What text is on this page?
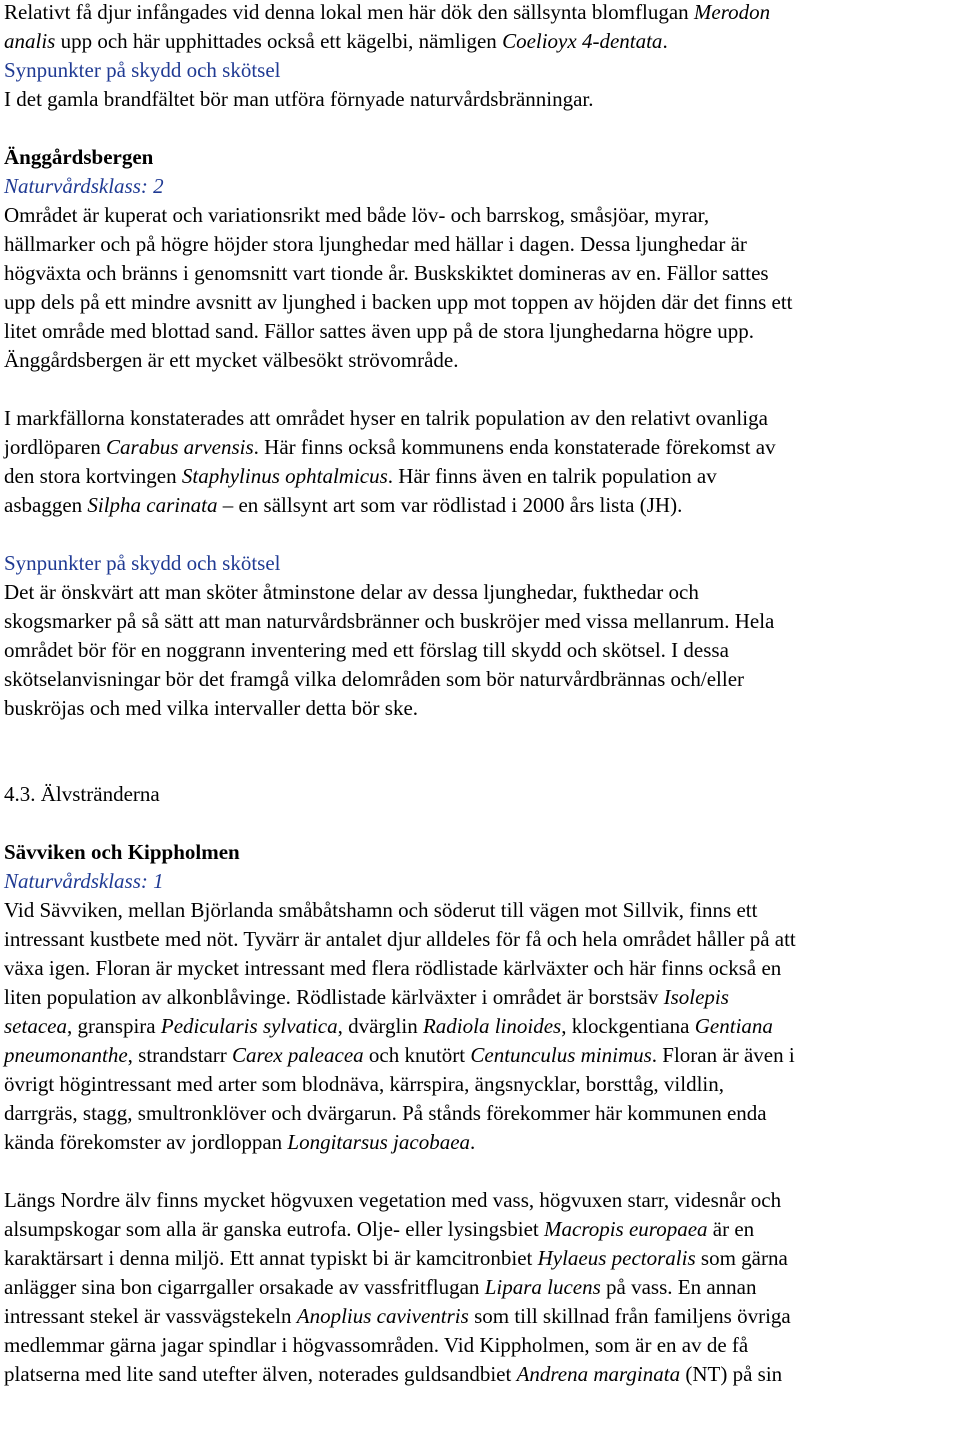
Relativt få djur infångades vid denna lokal men här dök den sällsynta blomflugan Merodon

analis upp och här upphittades också ett kägelbi, nämligen Coelioyx 4-dentata.

Synpunkter på skydd och skötsel

I det gamla brandfältet bör man utföra förnyade naturvårdsbränningar.

Änggårdsbergen

Naturvårdsklass: 2

Området är kuperat och variationsrikt med både löv- och barrskog, småsjöar, myrar,

hällmarker och på högre höjder stora ljunghedar med hällar i dagen. Dessa ljunghedar är

högväxta och bränns i genomsnitt vart tionde år. Buskskiktet domineras av en. Fällor sattes

upp dels på ett mindre avsnitt av ljunghed i backen upp mot toppen av höjden där det finns ett

litet område med blottad sand. Fällor sattes även upp på de stora ljunghedarna högre upp.

Änggårdsbergen är ett mycket välbesökt strövområde.

I markfällorna konstaterades att området hyser en talrik population av den relativt ovanliga

jordlöparen Carabus arvensis. Här finns också kommunens enda konstaterade förekomst av

den stora kortvingen Staphylinus ophtalmicus. Här finns även en talrik population av

asbaggen Silpha carinata – en sällsynt art som var rödlistad i 2000 års lista (JH).

Synpunkter på skydd och skötsel

Det är önskvärt att man sköter åtminstone delar av dessa ljunghedar, fukthedar och

skogsmarker på så sätt att man naturvårdsbränner och buskröjer med vissa mellanrum. Hela

området bör för en noggrann inventering med ett förslag till skydd och skötsel. I dessa

skötselanvisningar bör det framgå vilka delområden som bör naturvårdbrännas och/eller

buskröjas och med vilka intervaller detta bör ske.

4.3. Älvstränderna

Sävviken och Kippholmen

Naturvårdsklass: 1

Vid Sävviken, mellan Björlanda småbåtshamn och söderut till vägen mot Sillvik, finns ett

intressant kustbete med nöt. Tyvärr är antalet djur alldeles för få och hela området håller på att

växa igen. Floran är mycket intressant med flera rödlistade kärlväxter och här finns också en

liten population av alkonblåvinge. Rödlistade kärlväxter i området är borstsäv Isolepis

setacea, granspira Pedicularis sylvatica, dvärglin Radiola linoides, klockgentiana Gentiana

pneumonanthe, strandstarr Carex paleacea och knutört Centunculus minimus. Floran är även i

övrigt högintressant med arter som blodnäva, kärrspira, ängsnycklar, borsttåg, vildlin,

darrgräs, stagg, smultronklöver och dvärgarun. På stånds förekommer här kommunen enda

kända förekomster av jordloppan Longitarsus jacobaea.

Längs Nordre älv finns mycket högvuxen vegetation med vass, högvuxen starr, videsnår och

alsumpskogar som alla är ganska eutrofa. Olje- eller lysingsbiet Macropis europaea är en

karaktärsart i denna miljö. Ett annat typiskt bi är kamcitronbiet Hylaeus pectoralis som gärna

anlägger sina bon cigarrgaller orsakade av vassfritflugan Lipara lucens på vass. En annan

intressant stekel är vassvägstekeln Anoplius caviventris som till skillnad från familjens övriga

medlemmar gärna jagar spindlar i högvassområden. Vid Kippholmen, som är en av de få

platserna med lite sand utefter älven, noterades guldsandbiet Andrena marginata (NT) på sin
